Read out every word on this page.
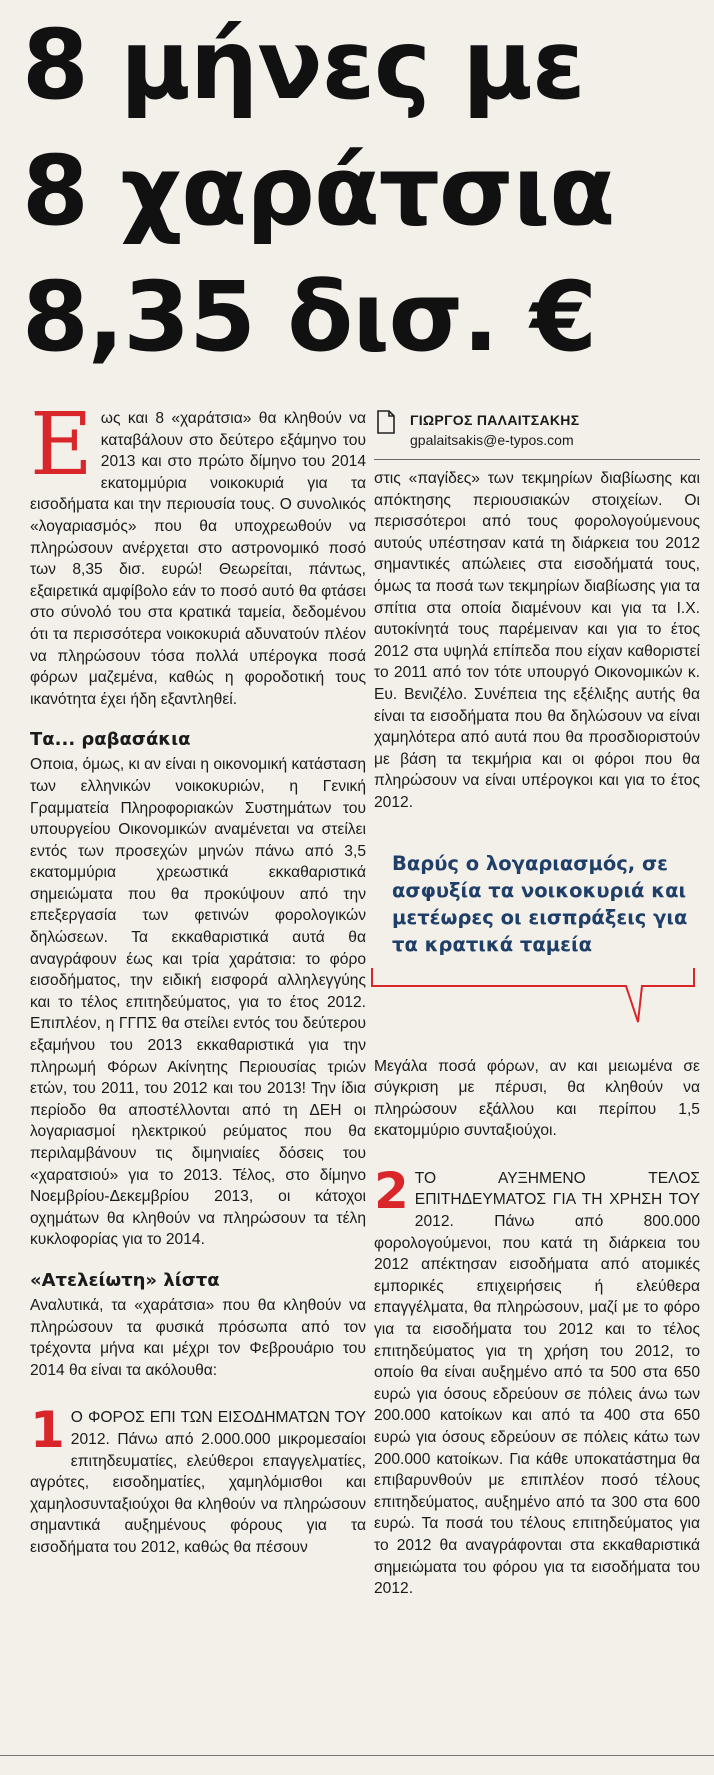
8 μήνες με
8 χαράτσια
8,35 δισ. €

Εως και 8 «χαράτσια» θα κληθούν να καταβάλουν στο δεύτερο εξάμηνο του 2013 και στο πρώτο δίμηνο του 2014 εκατομμύρια νοικοκυριά για τα εισοδήματα και την περιουσία τους. Ο συνολικός «λογαριασμός» που θα υποχρεωθούν να πληρώσουν ανέρχεται στο αστρονομικό ποσό των 8,35 δισ. ευρώ! Θεωρείται, πάντως, εξαιρετικά αμφίβολο εάν το ποσό αυτό θα φτάσει στο σύνολό του στα κρατικά ταμεία, δεδομένου ότι τα περισσότερα νοικοκυριά αδυνατούν πλέον να πληρώσουν τόσα πολλά υπέρογκα ποσά φόρων μαζεμένα, καθώς η φοροδοτική τους ικανότητα έχει ήδη εξαντληθεί.

Τα... ραβασάκια

Οποια, όμως, κι αν είναι η οικονομική κατάσταση των ελληνικών νοικοκυριών, η Γενική Γραμματεία Πληροφοριακών Συστημάτων του υπουργείου Οικονομικών αναμένεται να στείλει εντός των προσεχών μηνών πάνω από 3,5 εκατομμύρια χρεωστικά εκκαθαριστικά σημειώματα που θα προκύψουν από την επεξεργασία των φετινών φορολογικών δηλώσεων. Τα εκκαθαριστικά αυτά θα αναγράφουν έως και τρία χαράτσια: το φόρο εισοδήματος, την ειδική εισφορά αλληλεγγύης και το τέλος επιτηδεύματος, για το έτος 2012. Επιπλέον, η ΓΓΠΣ θα στείλει εντός του δεύτερου εξαμήνου του 2013 εκκαθαριστικά για την πληρωμή Φόρων Ακίνητης Περιουσίας τριών ετών, του 2011, του 2012 και του 2013! Την ίδια περίοδο θα αποστέλλονται από τη ΔΕΗ οι λογαριασμοί ηλεκτρικού ρεύματος που θα περιλαμβάνουν τις διμηνιαίες δόσεις του «χαρατσιού» για το 2013. Τέλος, στο δίμηνο Νοεμβρίου-Δεκεμβρίου 2013, οι κάτοχοι οχημάτων θα κληθούν να πληρώσουν τα τέλη κυκλοφορίας για το 2014.

«Ατελείωτη» λίστα

Αναλυτικά, τα «χαράτσια» που θα κληθούν να πληρώσουν τα φυσικά πρόσωπα από τον τρέχοντα μήνα και μέχρι τον Φεβρουάριο του 2014 θα είναι τα ακόλουθα:

1 Ο ΦΟΡΟΣ ΕΠΙ ΤΩΝ ΕΙΣΟΔΗΜΑΤΩΝ ΤΟΥ 2012. Πάνω από 2.000.000 μικρομεσαίοι επιτηδευματίες, ελεύθεροι επαγγελματίες, αγρότες, εισοδηματίες, χαμηλόμισθοι και χαμηλοσυνταξιούχοι θα κληθούν να πληρώσουν σημαντικά αυξημένους φόρους για τα εισοδήματα του 2012, καθώς θα πέσουν

ΓΙΩΡΓΟΣ ΠΑΛΑΙΤΣΑΚΗΣ
gpalaitsakis@e-typos.com

στις «παγίδες» των τεκμηρίων διαβίωσης και απόκτησης περιουσιακών στοιχείων. Οι περισσότεροι από τους φορολογούμενους αυτούς υπέστησαν κατά τη διάρκεια του 2012 σημαντικές απώλειες στα εισοδήματά τους, όμως τα ποσά των τεκμηρίων διαβίωσης για τα σπίτια στα οποία διαμένουν και για τα Ι.Χ. αυτοκίνητά τους παρέμειναν και για το έτος 2012 στα υψηλά επίπεδα που είχαν καθοριστεί το 2011 από τον τότε υπουργό Οικονομικών κ. Ευ. Βενιζέλο. Συνέπεια της εξέλιξης αυτής θα είναι τα εισοδήματα που θα δηλώσουν να είναι χαμηλότερα από αυτά που θα προσδιοριστούν με βάση τα τεκμήρια και οι φόροι που θα πληρώσουν να είναι υπέρογκοι και για το έτος 2012.

Βαρύς ο λογαριασμός, σε ασφυξία τα νοικοκυριά και μετέωρες οι εισπράξεις για τα κρατικά ταμεία

Μεγάλα ποσά φόρων, αν και μειωμένα σε σύγκριση με πέρυσι, θα κληθούν να πληρώσουν εξάλλου και περίπου 1,5 εκατομμύριο συνταξιούχοι.

2 ΤΟ ΑΥΞΗΜΕΝΟ ΤΕΛΟΣ ΕΠΙΤΗΔΕΥΜΑΤΟΣ ΓΙΑ ΤΗ ΧΡΗΣΗ ΤΟΥ 2012.	Πάνω από 800.000 φορολογούμενοι, που κατά τη διάρκεια του 2012 απέκτησαν εισοδήματα από ατομικές εμπορικές επιχειρήσεις ή ελεύθερα επαγγέλματα, θα πληρώσουν, μαζί με το φόρο για τα εισοδήματα του 2012 και το τέλος επιτηδεύματος για τη χρήση του 2012, το οποίο θα είναι αυξημένο από τα 500 στα 650 ευρώ για όσους εδρεύουν σε πόλεις άνω των 200.000 κατοίκων και από τα 400 στα 650 ευρώ για όσους εδρεύουν σε πόλεις κάτω των 200.000 κατοίκων. Για κάθε υποκατάστημα θα επιβαρυνθούν με επιπλέον ποσό τέλους επιτηδεύματος, αυξημένο από τα 300 στα 600 ευρώ. Τα ποσά του τέλους επιτηδεύματος για το 2012 θα αναγράφονται στα εκκαθαριστικά σημειώματα του φόρου για τα εισοδήματα του 2012.
